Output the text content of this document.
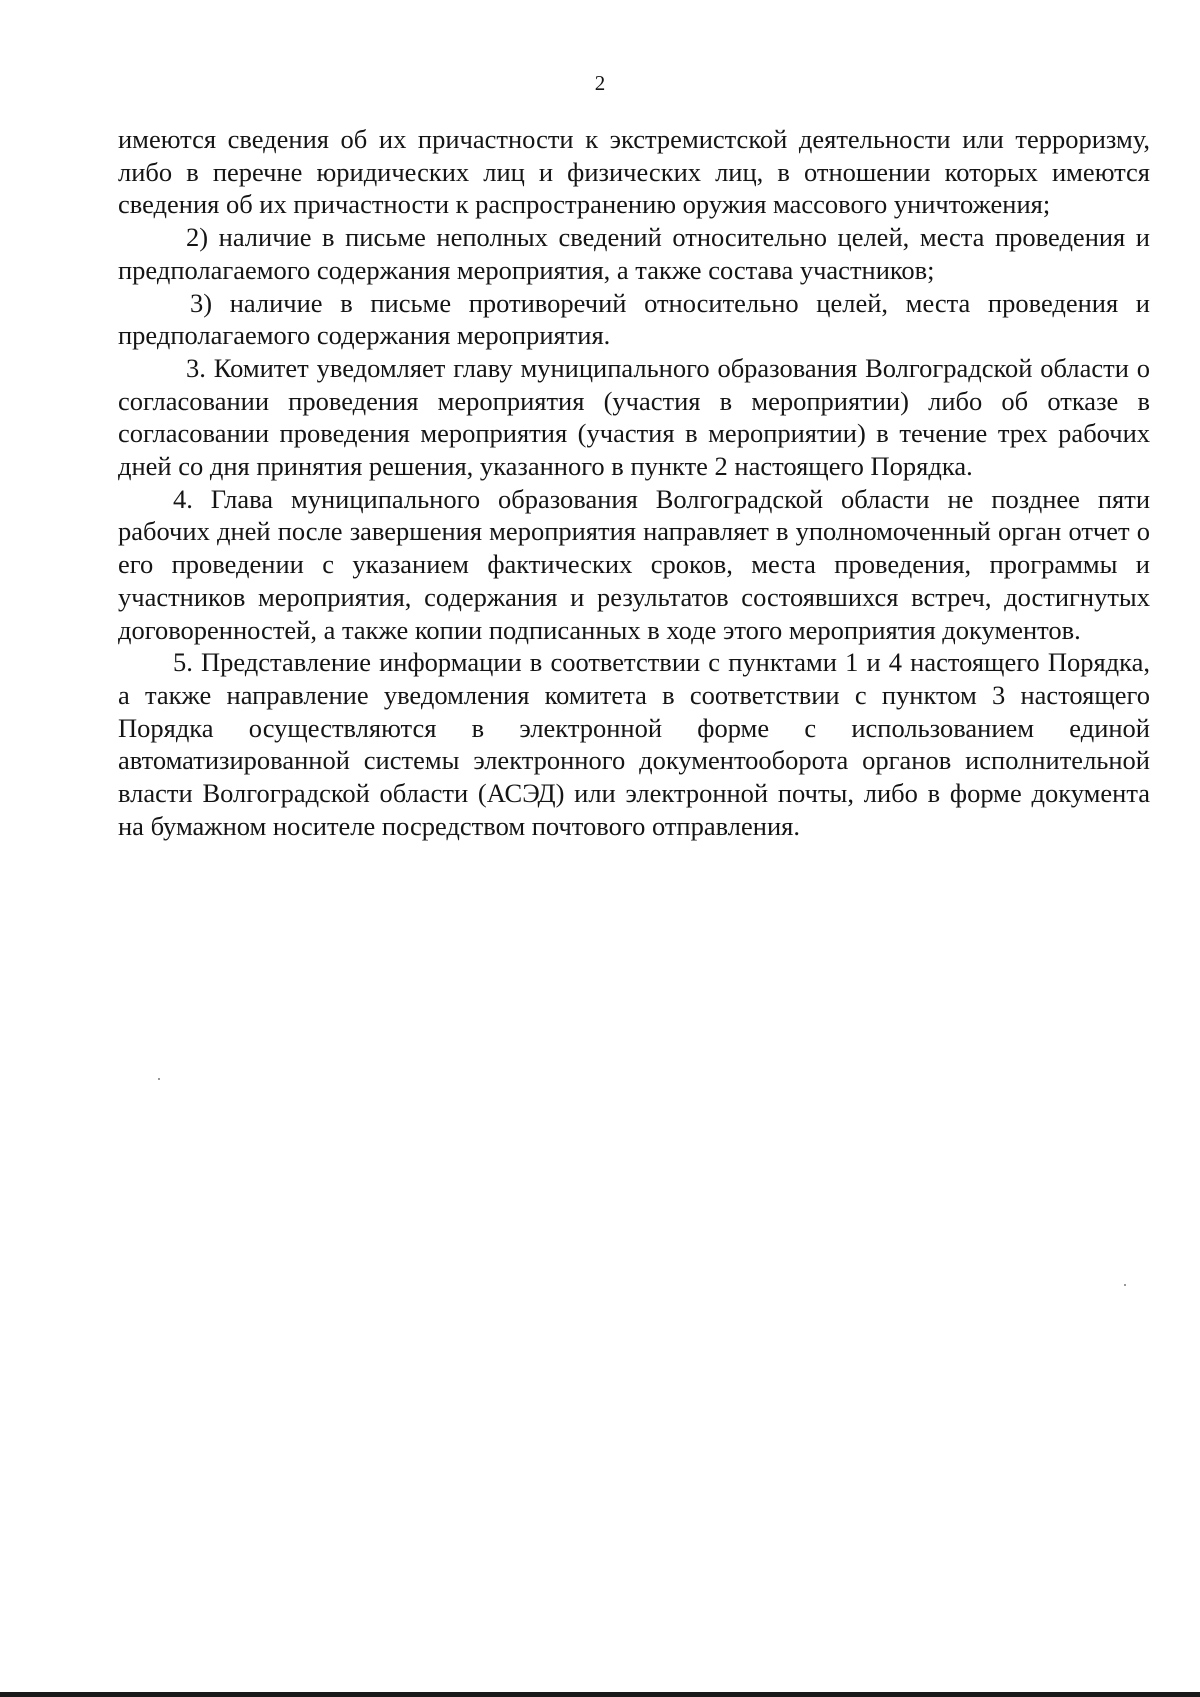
2

имеются сведения об их причастности к экстремистской деятельности или терроризму, либо в перечне юридических лиц и физических лиц, в отношении которых имеются сведения об их причастности к распространению оружия массового уничтожения;

2) наличие в письме неполных сведений относительно целей, места проведения и предполагаемого содержания мероприятия, а также состава участников;

3) наличие в письме противоречий относительно целей, места проведения и предполагаемого содержания мероприятия.

3. Комитет уведомляет главу муниципального образования Волгоградской области о согласовании проведения мероприятия (участия в мероприятии) либо об отказе в согласовании проведения мероприятия (участия в мероприятии) в течение трех рабочих дней со дня принятия решения, указанного в пункте 2 настоящего Порядка.

4. Глава муниципального образования Волгоградской области не позднее пяти рабочих дней после завершения мероприятия направляет в уполномоченный орган отчет о его проведении с указанием фактических сроков, места проведения, программы и участников мероприятия, содержания и результатов состоявшихся встреч, достигнутых договоренностей, а также копии подписанных в ходе этого мероприятия документов.

5. Представление информации в соответствии с пунктами 1 и 4 настоящего Порядка, а также направление уведомления комитета в соответствии с пунктом 3 настоящего Порядка осуществляются в электронной форме с использованием единой автоматизированной системы электронного документооборота органов исполнительной власти Волгоградской области (АСЭД) или электронной почты, либо в форме документа на бумажном носителе посредством почтового отправления.
